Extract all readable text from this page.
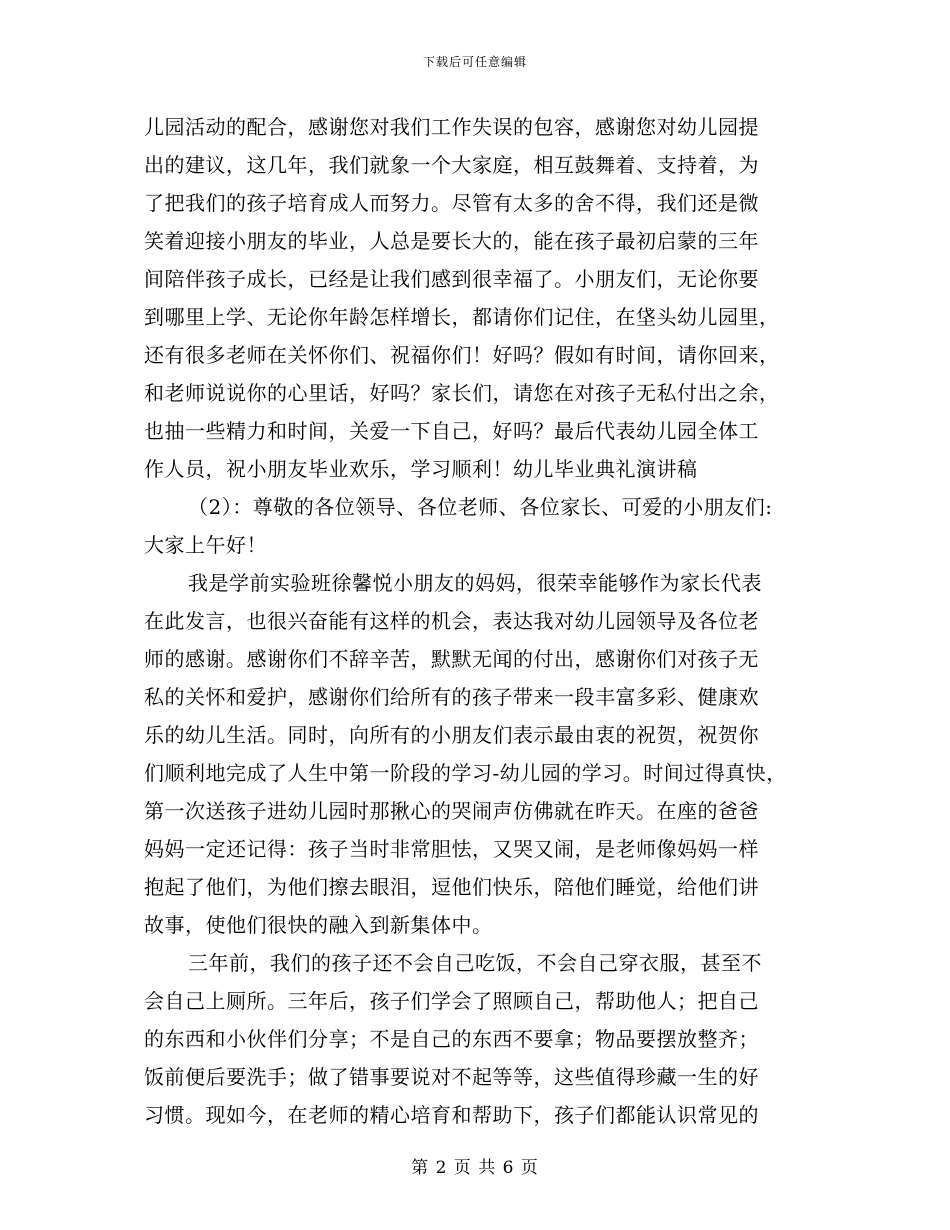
下载后可任意编辑
儿园活动的配合，感谢您对我们工作失误的包容，感谢您对幼儿园提
出的建议，这几年，我们就象一个大家庭，相互鼓舞着、支持着，为
了把我们的孩子培育成人而努力。尽管有太多的舍不得，我们还是微
笑着迎接小朋友的毕业，人总是要长大的，能在孩子最初启蒙的三年
间陪伴孩子成长，已经是让我们感到很幸福了。小朋友们，无论你要
到哪里上学、无论你年龄怎样增长，都请你们记住，在垡头幼儿园里，
还有很多老师在关怀你们、祝福你们！好吗？假如有时间，请你回来，
和老师说说你的心里话，好吗？家长们，请您在对孩子无私付出之余，
也抽一些精力和时间，关爱一下自己，好吗？最后代表幼儿园全体工
作人员，祝小朋友毕业欢乐，学习顺利！幼儿毕业典礼演讲稿
（2）：尊敬的各位领导、各位老师、各位家长、可爱的小朋友们:
大家上午好！
我是学前实验班徐馨悦小朋友的妈妈，很荣幸能够作为家长代表
在此发言，也很兴奋能有这样的机会，表达我对幼儿园领导及各位老
师的感谢。感谢你们不辞辛苦，默默无闻的付出，感谢你们对孩子无
私的关怀和爱护，感谢你们给所有的孩子带来一段丰富多彩、健康欢
乐的幼儿生活。同时，向所有的小朋友们表示最由衷的祝贺，祝贺你
们顺利地完成了人生中第一阶段的学习-幼儿园的学习。时间过得真快，
第一次送孩子进幼儿园时那揪心的哭闹声仿佛就在昨天。在座的爸爸
妈妈一定还记得：孩子当时非常胆怯，又哭又闹，是老师像妈妈一样
抱起了他们，为他们擦去眼泪，逗他们快乐，陪他们睡觉，给他们讲
故事，使他们很快的融入到新集体中。
三年前，我们的孩子还不会自己吃饭，不会自己穿衣服，甚至不
会自己上厕所。三年后，孩子们学会了照顾自己，帮助他人；把自己
的东西和小伙伴们分享；不是自己的东西不要拿；物品要摆放整齐；
饭前便后要洗手；做了错事要说对不起等等，这些值得珍藏一生的好
习惯。现如今，在老师的精心培育和帮助下，孩子们都能认识常见的
第 2 页 共 6 页
